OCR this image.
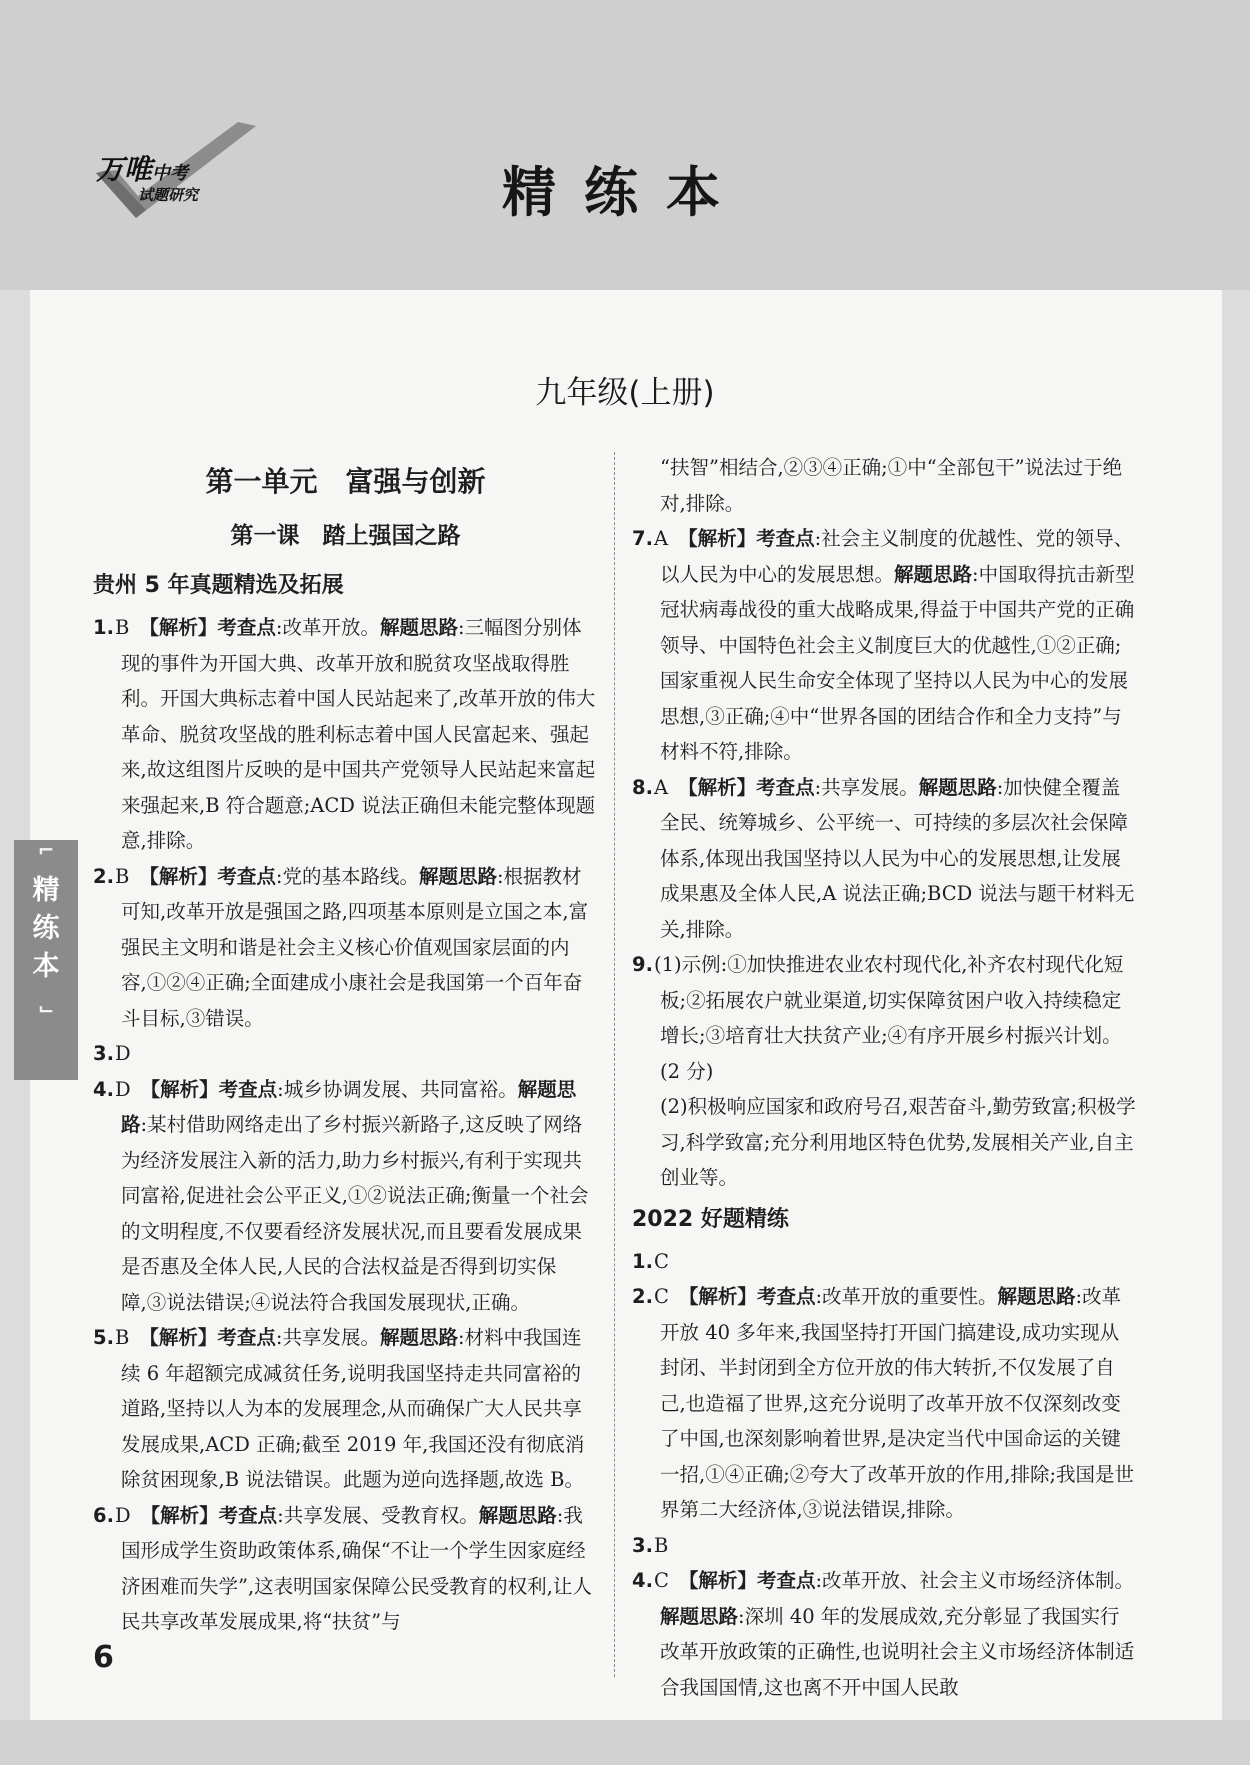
万唯中考
试题研究	精练本
九年级(上册)
⌐
精
练
本
⌙
第一单元　富强与创新
第一课　踏上强国之路
贵州 5 年真题精选及拓展

1.B 【解析】考查点:改革开放。解题思路:三幅图分别体现的事件为开国大典、改革开放和脱贫攻坚战取得胜利。开国大典标志着中国人民站起来了,改革开放的伟大革命、脱贫攻坚战的胜利标志着中国人民富起来、强起来,故这组图片反映的是中国共产党领导人民站起来富起来强起来,B 符合题意;ACD 说法正确但未能完整体现题意,排除。

2.B 【解析】考查点:党的基本路线。解题思路:根据教材可知,改革开放是强国之路,四项基本原则是立国之本,富强民主文明和谐是社会主义核心价值观国家层面的内容,①②④正确;全面建成小康社会是我国第一个百年奋斗目标,③错误。

3.D

4.D 【解析】考查点:城乡协调发展、共同富裕。解题思路:某村借助网络走出了乡村振兴新路子,这反映了网络为经济发展注入新的活力,助力乡村振兴,有利于实现共同富裕,促进社会公平正义,①②说法正确;衡量一个社会的文明程度,不仅要看经济发展状况,而且要看发展成果是否惠及全体人民,人民的合法权益是否得到切实保障,③说法错误;④说法符合我国发展现状,正确。

5.B 【解析】考查点:共享发展。解题思路:材料中我国连续 6 年超额完成减贫任务,说明我国坚持走共同富裕的道路,坚持以人为本的发展理念,从而确保广大人民共享发展成果,ACD 正确;截至 2019 年,我国还没有彻底消除贫困现象,B 说法错误。此题为逆向选择题,故选 B。

6.D 【解析】考查点:共享发展、受教育权。解题思路:我国形成学生资助政策体系,确保“不让一个学生因家庭经济困难而失学”,这表明国家保障公民受教育的权利,让人民共享改革发展成果,将“扶贫”与

“扶智”相结合,②③④正确;①中“全部包干”说法过于绝对,排除。

7.A 【解析】考查点:社会主义制度的优越性、党的领导、以人民为中心的发展思想。解题思路:中国取得抗击新型冠状病毒战役的重大战略成果,得益于中国共产党的正确领导、中国特色社会主义制度巨大的优越性,①②正确;国家重视人民生命安全体现了坚持以人民为中心的发展思想,③正确;④中“世界各国的团结合作和全力支持”与材料不符,排除。

8.A 【解析】考查点:共享发展。解题思路:加快健全覆盖全民、统筹城乡、公平统一、可持续的多层次社会保障体系,体现出我国坚持以人民为中心的发展思想,让发展成果惠及全体人民,A 说法正确;BCD 说法与题干材料无关,排除。

9.(1)示例:①加快推进农业农村现代化,补齐农村现代化短板;②拓展农户就业渠道,切实保障贫困户收入持续稳定增长;③培育壮大扶贫产业;④有序开展乡村振兴计划。(2 分)

(2)积极响应国家和政府号召,艰苦奋斗,勤劳致富;积极学习,科学致富;充分利用地区特色优势,发展相关产业,自主创业等。

2022 好题精练

1.C

2.C 【解析】考查点:改革开放的重要性。解题思路:改革开放 40 多年来,我国坚持打开国门搞建设,成功实现从封闭、半封闭到全方位开放的伟大转折,不仅发展了自己,也造福了世界,这充分说明了改革开放不仅深刻改变了中国,也深刻影响着世界,是决定当代中国命运的关键一招,①④正确;②夸大了改革开放的作用,排除;我国是世界第二大经济体,③说法错误,排除。

3.B

4.C 【解析】考查点:改革开放、社会主义市场经济体制。解题思路:深圳 40 年的发展成效,充分彰显了我国实行改革开放政策的正确性,也说明社会主义市场经济体制适合我国国情,这也离不开中国人民敢

6
